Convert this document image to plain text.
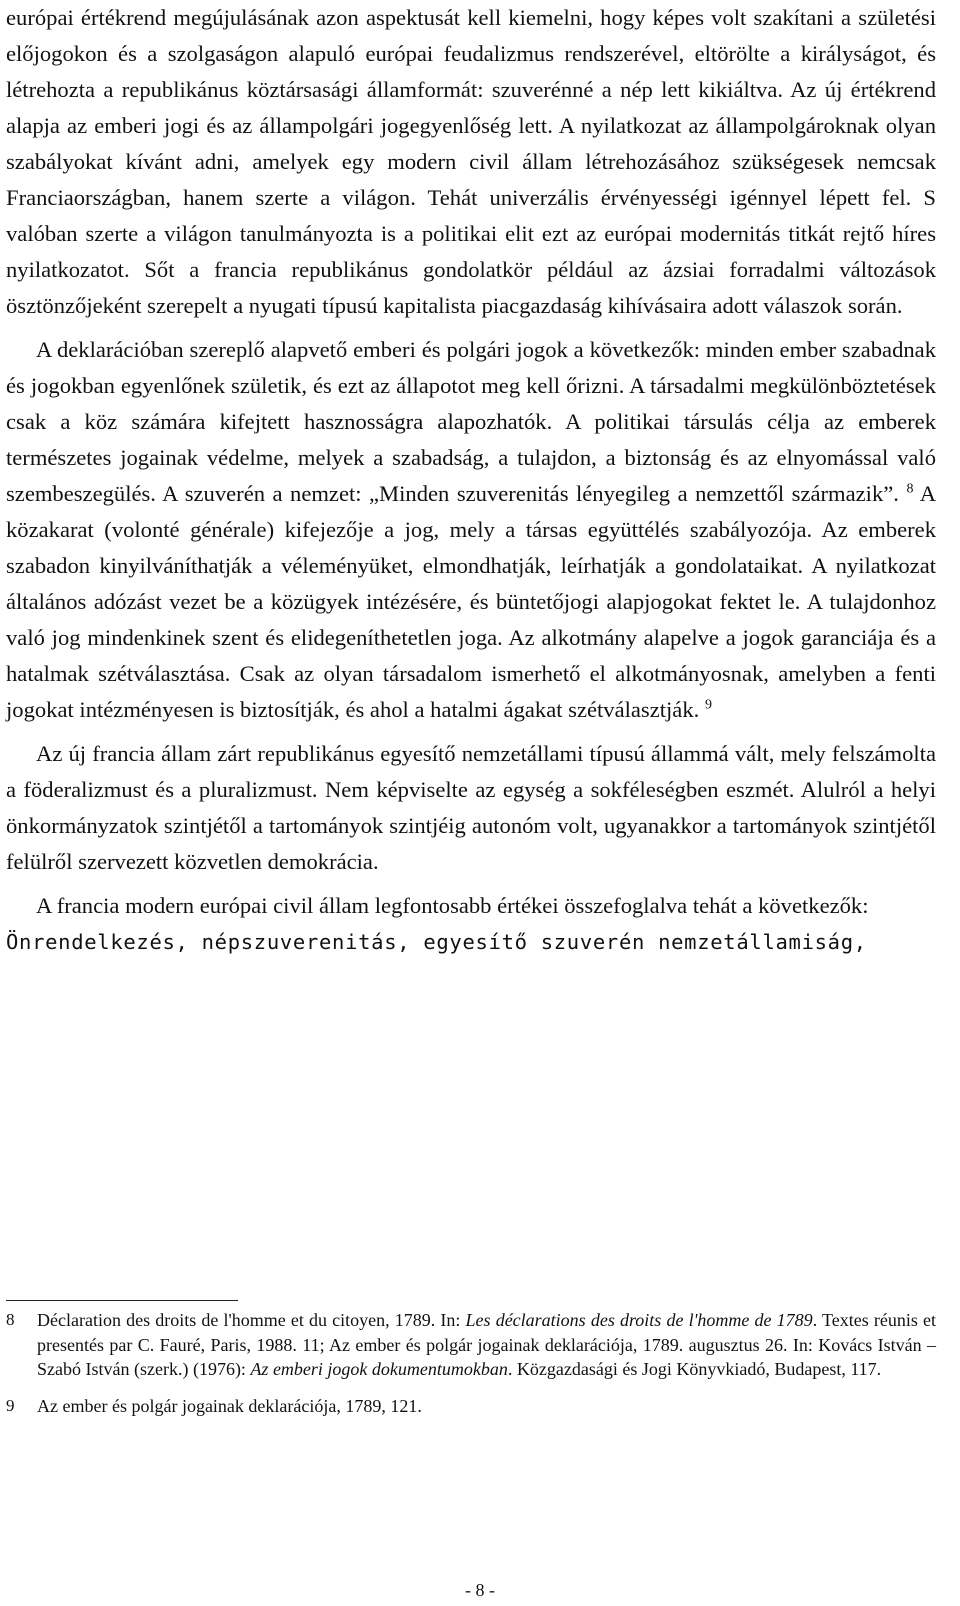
európai értékrend megújulásának azon aspektusát kell kiemelni, hogy képes volt szakítani a születési előjogokon és a szolgaságon alapuló európai feudalizmus rendszerével, eltörölte a királyságot, és létrehozta a republikánus köztársasági államformát: szuverénné a nép lett kikiáltva. Az új értékrend alapja az emberi jogi és az állampolgári jogegyenlőség lett. A nyilatkozat az állampolgároknak olyan szabályokat kívánt adni, amelyek egy modern civil állam létrehozásához szükségesek nemcsak Franciaországban, hanem szerte a világon. Tehát univerzális érvényességi igénnyel lépett fel. S valóban szerte a világon tanulmányozta is a politikai elit ezt az európai modernitás titkát rejtő híres nyilatkozatot. Sőt a francia republikánus gondolatkör például az ázsiai forradalmi változások ösztönzőjeként szerepelt a nyugati típusú kapitalista piacgazdaság kihívásaira adott válaszok során.

A deklarációban szereplő alapvető emberi és polgári jogok a következők: minden ember szabadnak és jogokban egyenlőnek születik, és ezt az állapotot meg kell őrizni. A társadalmi megkülönböztetések csak a köz számára kifejtett hasznosságra alapozhatók. A politikai társulás célja az emberek természetes jogainak védelme, melyek a szabadság, a tulajdon, a biztonság és az elnyomással való szembeszegülés. A szuverén a nemzet: „Minden szuverenitás lényegileg a nemzettől származik”. $^8$ A közakarat (volonté générale) kifejezője a jog, mely a társas együttélés szabályozója. Az emberek szabadon kinyilváníthatják a véleményüket, elmondhatják, leírhatják a gondolataikat. A nyilatkozat általános adózást vezet be a közügyek intézésére, és büntetőjogi alapjogokat fektet le. A tulajdonhoz való jog mindenkinek szent és elidegeníthetetlen joga. Az alkotmány alapelve a jogok garanciája és a hatalmak szétválasztása. Csak az olyan társadalom ismerhető el alkotmányosnak, amelyben a fenti jogokat intézményesen is biztosítják, és ahol a hatalmi ágakat szétválasztják. $^9$

Az új francia állam zárt republikánus egyesítő nemzetállami típusú állammá vált, mely felszámolta a föderalizmust és a pluralizmust. Nem képviselte az egység a sokféleségben eszmét. Alulról a helyi önkormányzatok szintjétől a tartományok szintjéig autonóm volt, ugyanakkor a tartományok szintjétől felülről szervezett közvetlen demokrácia.

A francia modern európai civil állam legfontosabb értékei összefoglalva tehát a következők:

Önrendelkezés, népszuverenitás, egyesítő szuverén nemzetállamiság,

8	Déclaration des droits de l'homme et du citoyen, 1789. In: Les déclarations des droits de l'homme de 1789. Textes réunis et presentés par C. Fauré, Paris, 1988. 11; Az ember és polgár jogainak deklarációja, 1789. augusztus 26. In: Kovács István – Szabó István (szerk.) (1976): Az emberi jogok dokumentumokban. Közgazdasági és Jogi Könyvkiadó, Budapest, 117.
9	Az ember és polgár jogainak deklarációja, 1789, 121.
- 8 -
